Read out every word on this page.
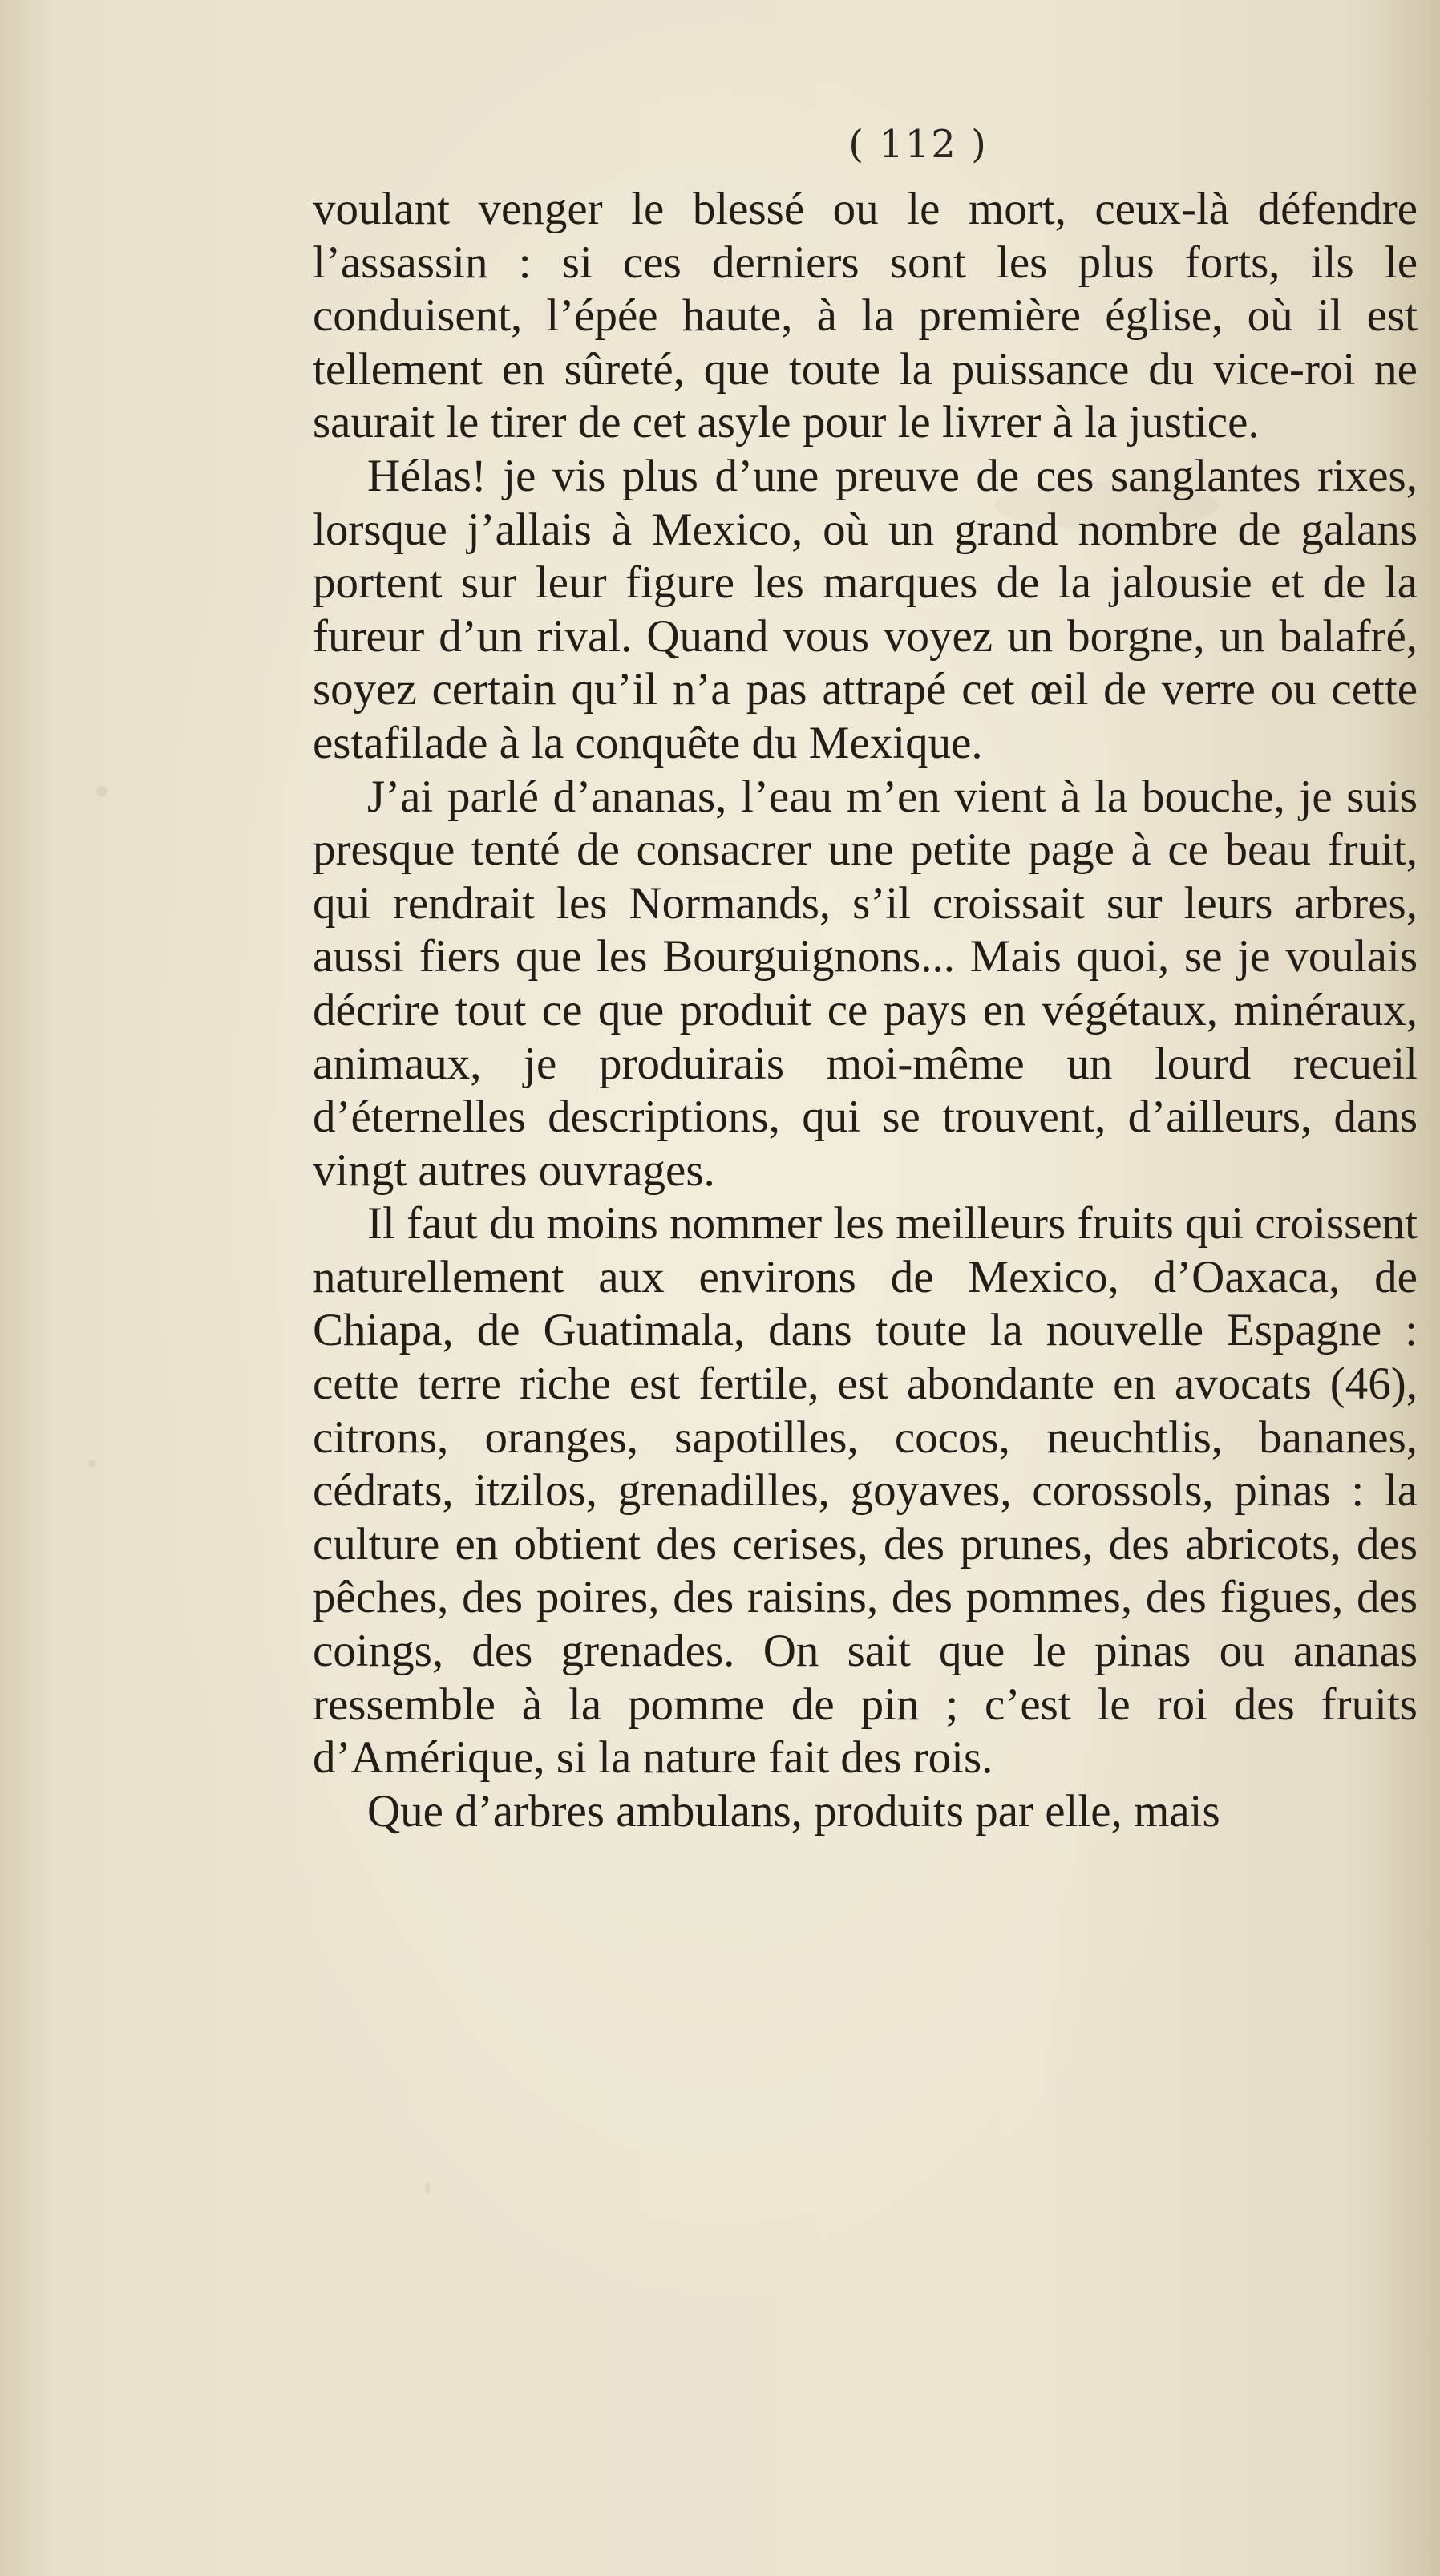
( 112 )

voulant venger le blessé ou le mort, ceux-là défendre l’assassin : si ces derniers sont les plus forts, ils le conduisent, l’épée haute, à la première église, où il est tellement en sûreté, que toute la puissance du vice-roi ne saurait le tirer de cet asyle pour le livrer à la justice.

Hélas! je vis plus d’une preuve de ces sanglantes rixes, lorsque j’allais à Mexico, où un grand nombre de galans portent sur leur figure les marques de la jalousie et de la fureur d’un rival. Quand vous voyez un borgne, un balafré, soyez certain qu’il n’a pas attrapé cet œil de verre ou cette estafilade à la conquête du Mexique.

J’ai parlé d’ananas, l’eau m’en vient à la bouche, je suis presque tenté de consacrer une petite page à ce beau fruit, qui rendrait les Normands, s’il croissait sur leurs arbres, aussi fiers que les Bourguignons... Mais quoi, se je voulais décrire tout ce que produit ce pays en végétaux, minéraux, animaux, je produirais moi-même un lourd recueil d’éternelles descriptions, qui se trouvent, d’ailleurs, dans vingt autres ouvrages.

Il faut du moins nommer les meilleurs fruits qui croissent naturellement aux environs de Mexico, d’Oaxaca, de Chiapa, de Guatimala, dans toute la nouvelle Espagne : cette terre riche est fertile, est abondante en avocats (46), citrons, oranges, sapotilles, cocos, neuchtlis, bananes, cédrats, itzilos, grenadilles, goyaves, corossols, pinas : la culture en obtient des cerises, des prunes, des abricots, des pêches, des poires, des raisins, des pommes, des figues, des coings, des grenades. On sait que le pinas ou ananas ressemble à la pomme de pin ; c’est le roi des fruits d’Amérique, si la nature fait des rois.

Que d’arbres ambulans, produits par elle, mais
